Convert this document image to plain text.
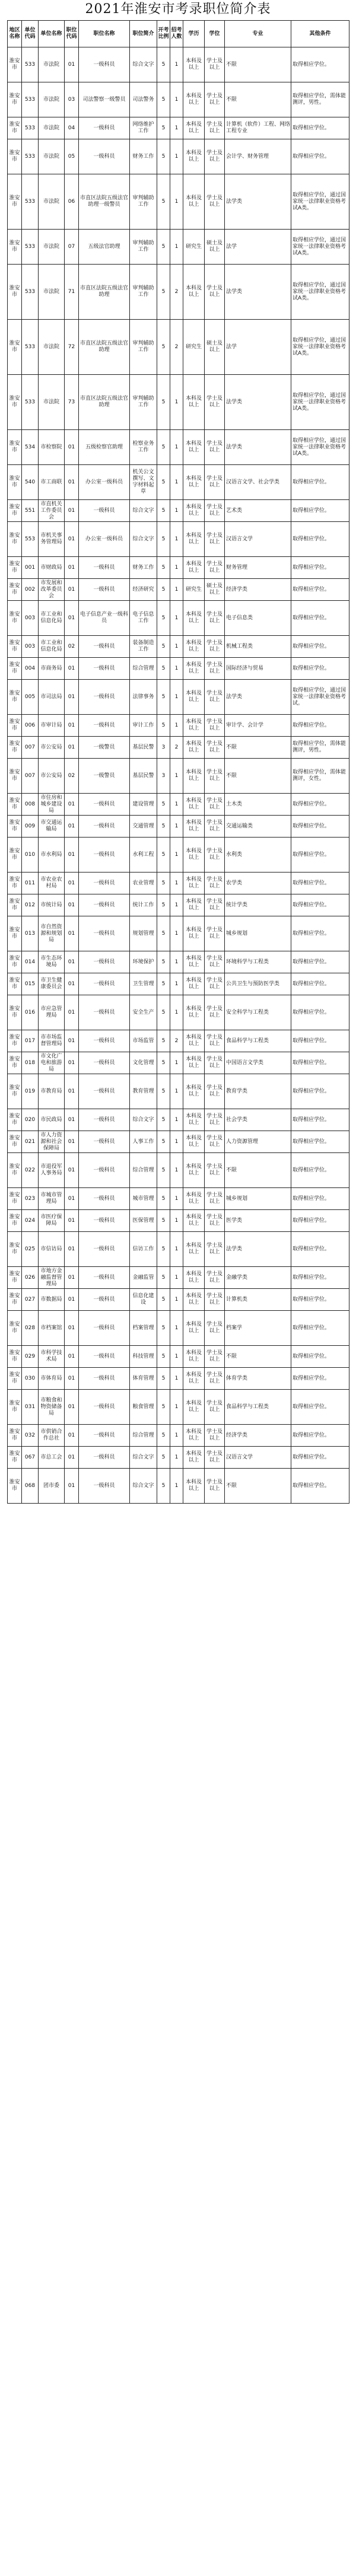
2021年淮安市考录职位简介表
地区名称	单位代码	单位名称	职位代码	职位名称	职位简介	开考比例	招考人数	学历	学位	专业	其他条件
淮安市	533	市法院	01	一级科员	综合文字	5	1	本科及以上	学士及以上	不限	取得相应学位。
淮安市	533	市法院	03	司法警察一级警员	司法警务	5	1	本科及以上	学士及以上	不限	取得相应学位，需体能测评，男性。
淮安市	533	市法院	04	一级科员	网络维护工作	5	1	本科及以上	学士及以上	计算机（软件）工程、网络工程专业	取得相应学位。
淮安市	533	市法院	05	一级科员	财务工作	5	1	本科及以上	学士及以上	会计学、财务管理	取得相应学位。
淮安市	533	市法院	06	市直区法院五级法官助理一级警员	审判辅助工作	5	1	本科及以上	学士及以上	法学类	取得相应学位，通过国家统一法律职业资格考试A类。
淮安市	533	市法院	07	五级法官助理	审判辅助工作	5	1	研究生	硕士及以上	法学	取得相应学位，通过国家统一法律职业资格考试A类。
淮安市	533	市法院	71	市直区法院五级法官助理	审判辅助工作	5	2	本科及以上	学士及以上	法学类	取得相应学位，通过国家统一法律职业资格考试A类。
淮安市	533	市法院	72	市直区法院五级法官助理	审判辅助工作	5	2	研究生	硕士及以上	法学	取得相应学位，通过国家统一法律职业资格考试A类。
淮安市	533	市法院	73	市直区法院五级法官助理	审判辅助工作	5	1	本科及以上	学士及以上	法学类	取得相应学位，通过国家统一法律职业资格考试A类。
淮安市	534	市检察院	01	五级检察官助理	检察业务工作	5	1	本科及以上	学士及以上	法学类	取得相应学位，通过国家统一法律职业资格考试A类。
淮安市	540	市工商联	01	办公室一级科员	机关公文撰写、文字材料起草	5	1	本科及以上	学士及以上	汉语言文学、社会学类	取得相应学位。
淮安市	551	市直机关工作委员会	01	一级科员	综合文字	5	1	本科及以上	学士及以上	艺术类	取得相应学位。
淮安市	553	市机关事务管理局	01	办公室一级科员	综合文字	5	1	本科及以上	学士及以上	汉语言文学	取得相应学位。
淮安市	001	市财政局	01	一级科员	财务工作	5	1	本科及以上	学士及以上	财务管理	取得相应学位。
淮安市	002	市发展和改革委员会	01	一级科员	经济研究	5	1	研究生	硕士及以上	经济学类	取得相应学位。
淮安市	003	市工业和信息化局	01	电子信息产业一级科员	电子信息工作	5	1	本科及以上	学士及以上	电子信息类	取得相应学位。
淮安市	003	市工业和信息化局	02	一级科员	装备制造工作	5	1	本科及以上	学士及以上	机械工程类	取得相应学位。
淮安市	004	市商务局	01	一级科员	综合管理	5	1	本科及以上	学士及以上	国际经济与贸易	取得相应学位。
淮安市	005	市司法局	01	一级科员	法律事务	5	1	本科及以上	学士及以上	法学类	取得相应学位，通过国家统一法律职业资格考试。
淮安市	006	市审计局	01	一级科员	审计工作	5	1	本科及以上	学士及以上	审计学、会计学	取得相应学位。
淮安市	007	市公安局	01	一级警员	基层民警	3	2	本科及以上	学士及以上	不限	取得相应学位，需体能测评，男性。
淮安市	007	市公安局	02	一级警员	基层民警	3	1	本科及以上	学士及以上	不限	取得相应学位，需体能测评，女性。
淮安市	008	市住房和城乡建设局	01	一级科员	建设管理	5	1	本科及以上	学士及以上	土木类	取得相应学位。
淮安市	009	市交通运输局	01	一级科员	交通管理	5	1	本科及以上	学士及以上	交通运输类	取得相应学位。
淮安市	010	市水利局	01	一级科员	水利工程	5	1	本科及以上	学士及以上	水利类	取得相应学位。
淮安市	011	市农业农村局	01	一级科员	农业管理	5	1	本科及以上	学士及以上	农学类	取得相应学位。
淮安市	012	市统计局	01	一级科员	统计工作	5	1	本科及以上	学士及以上	统计学类	取得相应学位。
淮安市	013	市自然资源和规划局	01	一级科员	规划管理	5	1	本科及以上	学士及以上	城乡规划	取得相应学位。
淮安市	014	市生态环境局	01	一级科员	环境保护	5	1	本科及以上	学士及以上	环境科学与工程类	取得相应学位。
淮安市	015	市卫生健康委员会	01	一级科员	卫生管理	5	1	本科及以上	学士及以上	公共卫生与预防医学类	取得相应学位。
淮安市	016	市应急管理局	01	一级科员	安全生产	5	1	本科及以上	学士及以上	安全科学与工程类	取得相应学位。
淮安市	017	市市场监督管理局	01	一级科员	市场监管	5	2	本科及以上	学士及以上	食品科学与工程类	取得相应学位。
淮安市	018	市文化广电和旅游局	01	一级科员	文化管理	5	1	本科及以上	学士及以上	中国语言文学类	取得相应学位。
淮安市	019	市教育局	01	一级科员	教育管理	5	1	本科及以上	学士及以上	教育学类	取得相应学位。
淮安市	020	市民政局	01	一级科员	综合文字	5	1	本科及以上	学士及以上	社会学类	取得相应学位。
淮安市	021	市人力资源和社会保障局	01	一级科员	人事工作	5	1	本科及以上	学士及以上	人力资源管理	取得相应学位。
淮安市	022	市退役军人事务局	01	一级科员	综合管理	5	1	本科及以上	学士及以上	不限	取得相应学位。
淮安市	023	市城市管理局	01	一级科员	城市管理	5	1	本科及以上	学士及以上	城乡规划	取得相应学位。
淮安市	024	市医疗保障局	01	一级科员	医保管理	5	1	本科及以上	学士及以上	医学类	取得相应学位。
淮安市	025	市信访局	01	一级科员	信访工作	5	1	本科及以上	学士及以上	法学类	取得相应学位。
淮安市	026	市地方金融监督管理局	01	一级科员	金融监管	5	1	本科及以上	学士及以上	金融学类	取得相应学位。
淮安市	027	市数据局	01	一级科员	信息化建设	5	1	本科及以上	学士及以上	计算机类	取得相应学位。
淮安市	028	市档案馆	01	一级科员	档案管理	5	1	本科及以上	学士及以上	档案学	取得相应学位。
淮安市	029	市科学技术局	01	一级科员	科技管理	5	1	本科及以上	学士及以上	不限	取得相应学位。
淮安市	030	市体育局	01	一级科员	体育管理	5	1	本科及以上	学士及以上	体育学类	取得相应学位。
淮安市	031	市粮食和物资储备局	01	一级科员	粮食管理	5	1	本科及以上	学士及以上	食品科学与工程类	取得相应学位。
淮安市	032	市供销合作总社	01	一级科员	综合管理	5	1	本科及以上	学士及以上	经济学类	取得相应学位。
淮安市	067	市总工会	01	一级科员	综合文字	5	1	本科及以上	学士及以上	汉语言文学	取得相应学位。
淮安市	068	团市委	01	一级科员	综合文字	5	1	本科及以上	学士及以上	不限	取得相应学位。
